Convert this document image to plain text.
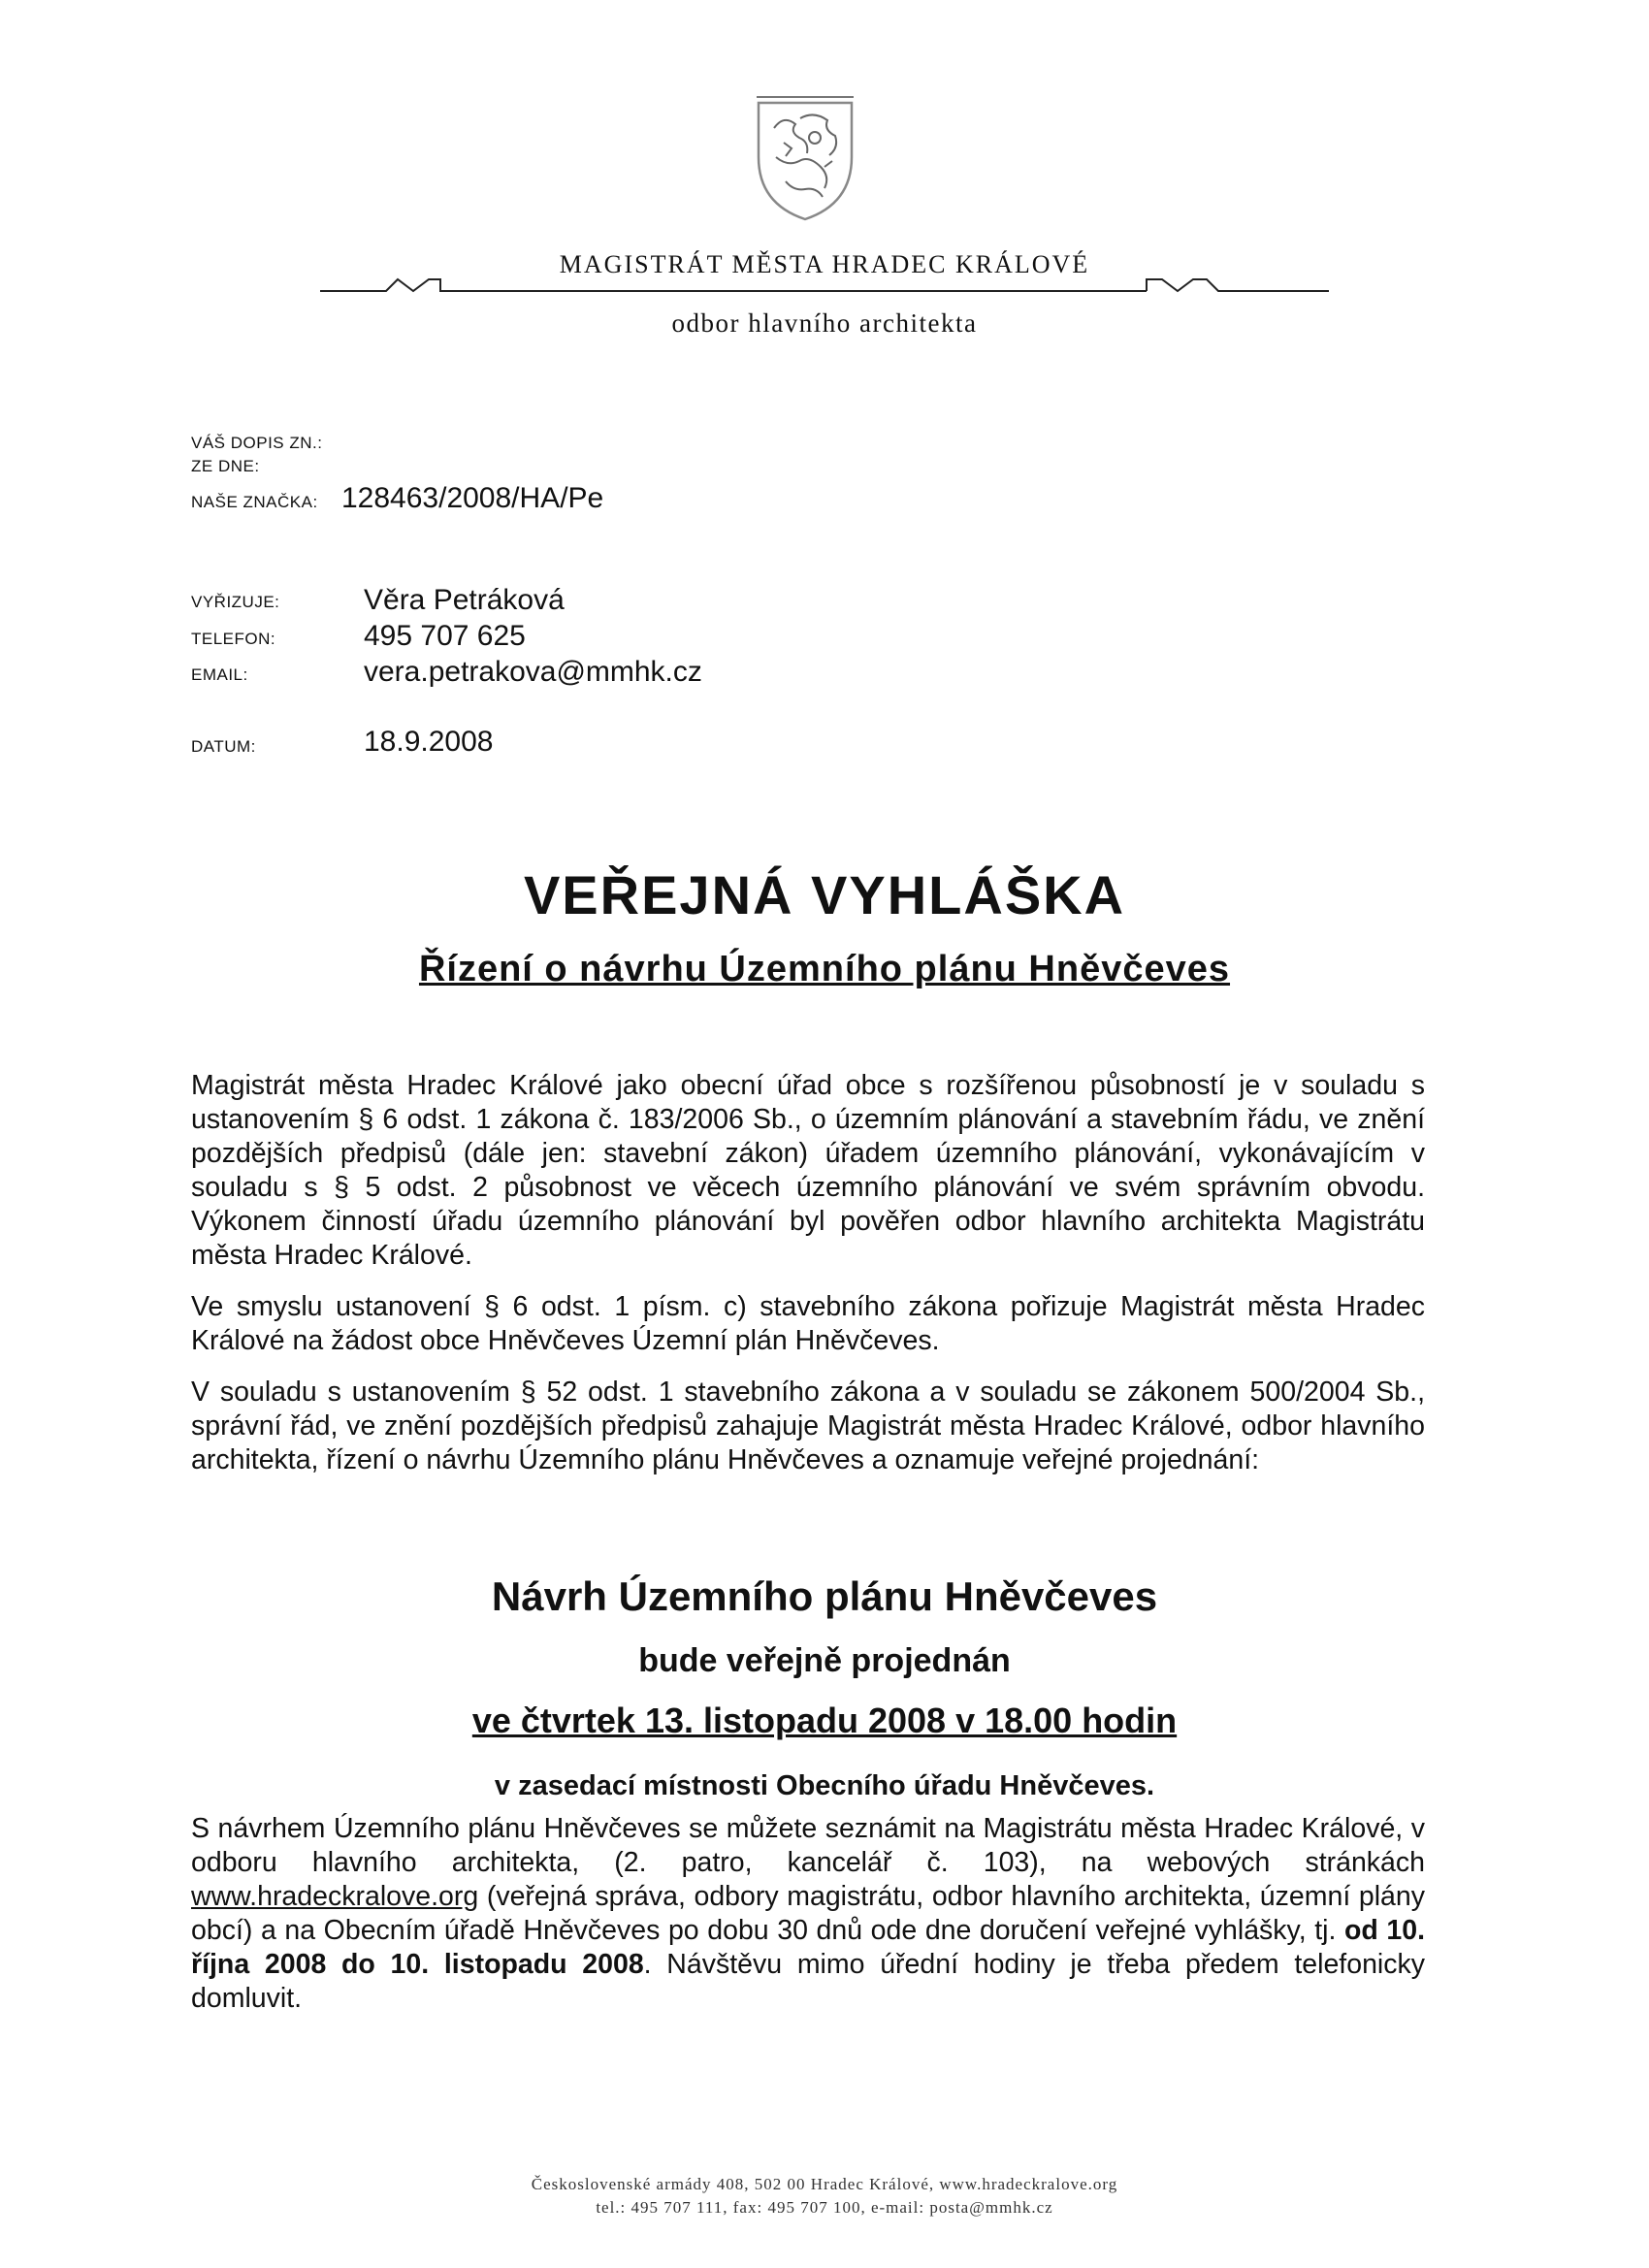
MAGISTRÁT MĚSTA HRADEC KRÁLOVÉ
odbor hlavního architekta
VÁŠ DOPIS ZN.:
ZE DNE:
NAŠE ZNAČKA: 128463/2008/HA/Pe
VYŘIZUJE:	Věra Petráková
TELEFON:	495 707 625
EMAIL:	vera.petrakova@mmhk.cz
DATUM:	18.9.2008
VEŘEJNÁ VYHLÁŠKA
Řízení o návrhu Územního plánu Hněvčeves
Magistrát města Hradec Králové jako obecní úřad obce s rozšířenou působností je v souladu s ustanovením § 6 odst. 1 zákona č. 183/2006 Sb., o územním plánování a stavebním řádu, ve znění pozdějších předpisů (dále jen: stavební zákon) úřadem územního plánování, vykonávajícím v souladu s § 5 odst. 2 působnost ve věcech územního plánování ve svém správním obvodu. Výkonem činností úřadu územního plánování byl pověřen odbor hlavního architekta Magistrátu města Hradec Králové.
Ve smyslu ustanovení § 6 odst. 1 písm. c) stavebního zákona pořizuje Magistrát města Hradec Králové na žádost obce Hněvčeves Územní plán Hněvčeves.
V souladu s ustanovením § 52 odst. 1 stavebního zákona a v souladu se zákonem 500/2004 Sb., správní řád, ve znění pozdějších předpisů zahajuje Magistrát města Hradec Králové, odbor hlavního architekta, řízení o návrhu Územního plánu Hněvčeves a oznamuje veřejné projednání:
Návrh Územního plánu Hněvčeves
bude veřejně projednán
ve čtvrtek 13. listopadu 2008 v 18.00 hodin
v zasedací místnosti Obecního úřadu Hněvčeves.
S návrhem Územního plánu Hněvčeves se můžete seznámit na Magistrátu města Hradec Králové, v odboru hlavního architekta, (2. patro, kancelář č. 103), na webových stránkách www.hradeckralove.org (veřejná správa, odbory magistrátu, odbor hlavního architekta, územní plány obcí) a na Obecním úřadě Hněvčeves po dobu 30 dnů ode dne doručení veřejné vyhlášky, tj. od 10. října 2008 do 10. listopadu 2008. Návštěvu mimo úřední hodiny je třeba předem telefonicky domluvit.
Československé armády 408, 502 00 Hradec Králové, www.hradeckralove.org
tel.: 495 707 111, fax: 495 707 100, e-mail: posta@mmhk.cz
